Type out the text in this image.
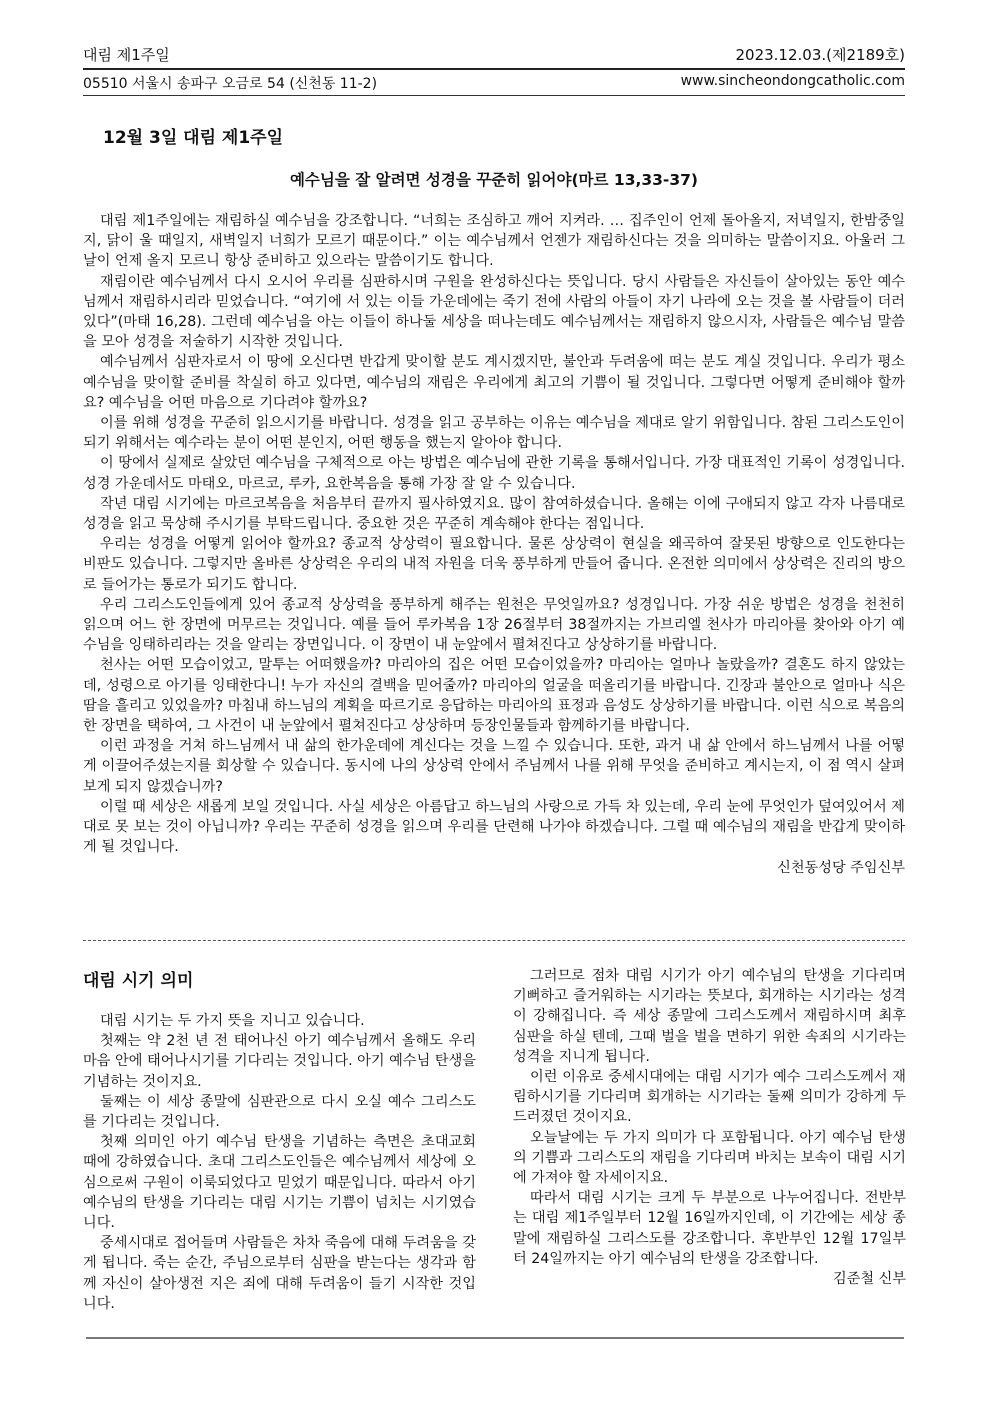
대림 제1주일	2023.12.03.(제2189호)
05510 서울시 송파구 오금로 54 (신천동 11-2)	www.sincheondongcatholic.com
12월 3일 대림 제1주일
예수님을 잘 알려면 성경을 꾸준히 읽어야(마르 13,33-37)

대림 제1주일에는 재림하실 예수님을 강조합니다. “너희는 조심하고 깨어 지켜라. … 집주인이 언제 돌아올지, 저녁일지, 한밤중일지, 닭이 울 때일지, 새벽일지 너희가 모르기 때문이다.” 이는 예수님께서 언젠가 재림하신다는 것을 의미하는 말씀이지요. 아울러 그날이 언제 올지 모르니 항상 준비하고 있으라는 말씀이기도 합니다.

재림이란 예수님께서 다시 오시어 우리를 심판하시며 구원을 완성하신다는 뜻입니다. 당시 사람들은 자신들이 살아있는 동안 예수님께서 재림하시리라 믿었습니다. “여기에 서 있는 이들 가운데에는 죽기 전에 사람의 아들이 자기 나라에 오는 것을 볼 사람들이 더러 있다”(마태 16,28). 그런데 예수님을 아는 이들이 하나둘 세상을 떠나는데도 예수님께서는 재림하지 않으시자, 사람들은 예수님 말씀을 모아 성경을 저술하기 시작한 것입니다.

예수님께서 심판자로서 이 땅에 오신다면 반갑게 맞이할 분도 계시겠지만, 불안과 두려움에 떠는 분도 계실 것입니다. 우리가 평소 예수님을 맞이할 준비를 착실히 하고 있다면, 예수님의 재림은 우리에게 최고의 기쁨이 될 것입니다. 그렇다면 어떻게 준비해야 할까요? 예수님을 어떤 마음으로 기다려야 할까요?

이를 위해 성경을 꾸준히 읽으시기를 바랍니다. 성경을 읽고 공부하는 이유는 예수님을 제대로 알기 위함입니다. 참된 그리스도인이 되기 위해서는 예수라는 분이 어떤 분인지, 어떤 행동을 했는지 알아야 합니다.

이 땅에서 실제로 살았던 예수님을 구체적으로 아는 방법은 예수님에 관한 기록을 통해서입니다. 가장 대표적인 기록이 성경입니다. 성경 가운데서도 마태오, 마르코, 루카, 요한복음을 통해 가장 잘 알 수 있습니다.

작년 대림 시기에는 마르코복음을 처음부터 끝까지 필사하였지요. 많이 참여하셨습니다. 올해는 이에 구애되지 않고 각자 나름대로 성경을 읽고 묵상해 주시기를 부탁드립니다. 중요한 것은 꾸준히 계속해야 한다는 점입니다.

우리는 성경을 어떻게 읽어야 할까요? 종교적 상상력이 필요합니다. 물론 상상력이 현실을 왜곡하여 잘못된 방향으로 인도한다는 비판도 있습니다. 그렇지만 올바른 상상력은 우리의 내적 자원을 더욱 풍부하게 만들어 줍니다. 온전한 의미에서 상상력은 진리의 방으로 들어가는 통로가 되기도 합니다.

우리 그리스도인들에게 있어 종교적 상상력을 풍부하게 해주는 원천은 무엇일까요? 성경입니다. 가장 쉬운 방법은 성경을 천천히 읽으며 어느 한 장면에 머무르는 것입니다. 예를 들어 루카복음 1장 26절부터 38절까지는 가브리엘 천사가 마리아를 찾아와 아기 예수님을 잉태하리라는 것을 알리는 장면입니다. 이 장면이 내 눈앞에서 펼쳐진다고 상상하기를 바랍니다.

천사는 어떤 모습이었고, 말투는 어떠했을까? 마리아의 집은 어떤 모습이었을까? 마리아는 얼마나 놀랐을까? 결혼도 하지 않았는데, 성령으로 아기를 잉태한다니! 누가 자신의 결백을 믿어줄까? 마리아의 얼굴을 떠올리기를 바랍니다. 긴장과 불안으로 얼마나 식은땀을 흘리고 있었을까? 마침내 하느님의 계획을 따르기로 응답하는 마리아의 표정과 음성도 상상하기를 바랍니다. 이런 식으로 복음의 한 장면을 택하여, 그 사건이 내 눈앞에서 펼쳐진다고 상상하며 등장인물들과 함께하기를 바랍니다.

이런 과정을 거쳐 하느님께서 내 삶의 한가운데에 계신다는 것을 느낄 수 있습니다. 또한, 과거 내 삶 안에서 하느님께서 나를 어떻게 이끌어주셨는지를 회상할 수 있습니다. 동시에 나의 상상력 안에서 주님께서 나를 위해 무엇을 준비하고 계시는지, 이 점 역시 살펴보게 되지 않겠습니까?

이럴 때 세상은 새롭게 보일 것입니다. 사실 세상은 아름답고 하느님의 사랑으로 가득 차 있는데, 우리 눈에 무엇인가 덮여있어서 제대로 못 보는 것이 아닙니까? 우리는 꾸준히 성경을 읽으며 우리를 단련해 나가야 하겠습니다. 그럴 때 예수님의 재림을 반갑게 맞이하게 될 것입니다.

신천동성당 주임신부
대림 시기 의미

대림 시기는 두 가지 뜻을 지니고 있습니다.

첫째는 약 2천 년 전 태어나신 아기 예수님께서 올해도 우리 마음 안에 태어나시기를 기다리는 것입니다. 아기 예수님 탄생을 기념하는 것이지요.

둘째는 이 세상 종말에 심판관으로 다시 오실 예수 그리스도를 기다리는 것입니다.

첫째 의미인 아기 예수님 탄생을 기념하는 측면은 초대교회 때에 강하였습니다. 초대 그리스도인들은 예수님께서 세상에 오심으로써 구원이 이룩되었다고 믿었기 때문입니다. 따라서 아기 예수님의 탄생을 기다리는 대림 시기는 기쁨이 넘치는 시기였습니다.

중세시대로 접어들며 사람들은 차차 죽음에 대해 두려움을 갖게 됩니다. 죽는 순간, 주님으로부터 심판을 받는다는 생각과 함께 자신이 살아생전 지은 죄에 대해 두려움이 들기 시작한 것입니다.

그러므로 점차 대림 시기가 아기 예수님의 탄생을 기다리며 기뻐하고 즐거워하는 시기라는 뜻보다, 회개하는 시기라는 성격이 강해집니다. 즉 세상 종말에 그리스도께서 재림하시며 최후 심판을 하실 텐데, 그때 벌을 벌을 면하기 위한 속죄의 시기라는 성격을 지니게 됩니다.

이런 이유로 중세시대에는 대림 시기가 예수 그리스도께서 재림하시기를 기다리며 회개하는 시기라는 둘째 의미가 강하게 두드러졌던 것이지요.

오늘날에는 두 가지 의미가 다 포함됩니다. 아기 예수님 탄생의 기쁨과 그리스도의 재림을 기다리며 바치는 보속이 대림 시기에 가져야 할 자세이지요.

따라서 대림 시기는 크게 두 부분으로 나누어집니다. 전반부는 대림 제1주일부터 12월 16일까지인데, 이 기간에는 세상 종말에 재림하실 그리스도를 강조합니다. 후반부인 12월 17일부터 24일까지는 아기 예수님의 탄생을 강조합니다.
김준철 신부
